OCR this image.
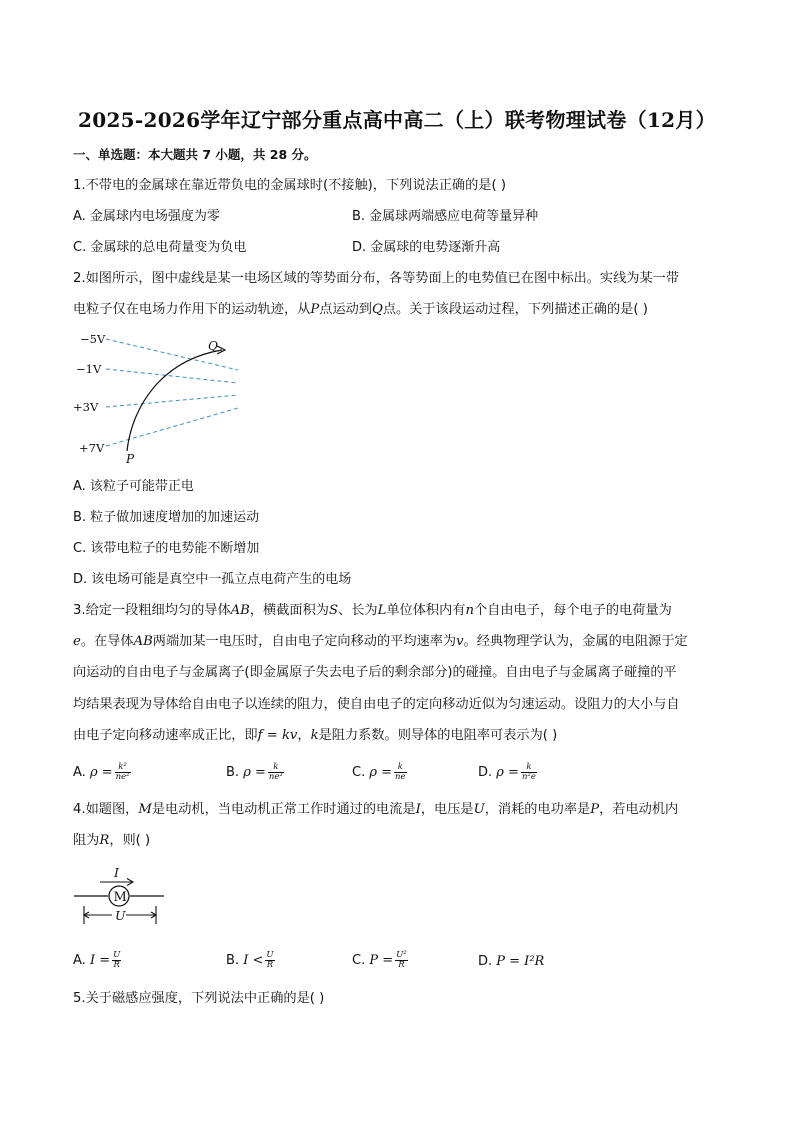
2025-2026学年辽宁部分重点高中高二（上）联考物理试卷（12月）
一、单选题：本大题共 7 小题，共 28 分。
1.不带电的金属球在靠近带负电的金属球时(不接触)，下列说法正确的是( )
A. 金属球内电场强度为零	B. 金属球两端感应电荷等量异种
C. 金属球的总电荷量变为负电	D. 金属球的电势逐渐升高
2.如图所示，图中虚线是某一电场区域的等势面分布，各等势面上的电势值已在图中标出。实线为某一带
电粒子仅在电场力作用下的运动轨迹，从P点运动到Q点。关于该段运动过程，下列描述正确的是( )
−5V
−1V
+3V
+7V
Q
P
A. 该粒子可能带正电
B. 粒子做加速度增加的加速运动
C. 该带电粒子的电势能不断增加
D. 该电场可能是真空中一孤立点电荷产生的电场
3.给定一段粗细均匀的导体AB，横截面积为S、长为L单位体积内有n个自由电子，每个电子的电荷量为
e。在导体AB两端加某一电压时，自由电子定向移动的平均速率为v。经典物理学认为，金属的电阻源于定
向运动的自由电子与金属离子(即金属原子失去电子后的剩余部分)的碰撞。自由电子与金属离子碰撞的平
均结果表现为导体给自由电子以连续的阻力，使自由电子的定向移动近似为匀速运动。设阻力的大小与自
由电子定向移动速率成正比，即f = kv，k是阻力系数。则导体的电阻率可表示为( )
A. $\rho = \frac{\text{k²}}{\text{ne²}}$	B. $\rho = \frac{k}{\text{ne²}}$	C. $\rho = \frac{k}{ne}$	D. $\rho = \frac{k}{\text{n²e}}$
4.如题图，M是电动机，当电动机正常工作时通过的电流是I，电压是U，消耗的电功率是P，若电动机内
阻为R，则( )
M
I
U
A. $I = \frac{U}{R}$	B. $I < \frac{U}{R}$	C. $P = \frac{\text{U²}}{R}$	D. P = I²R
5.关于磁感应强度，下列说法中正确的是( )
